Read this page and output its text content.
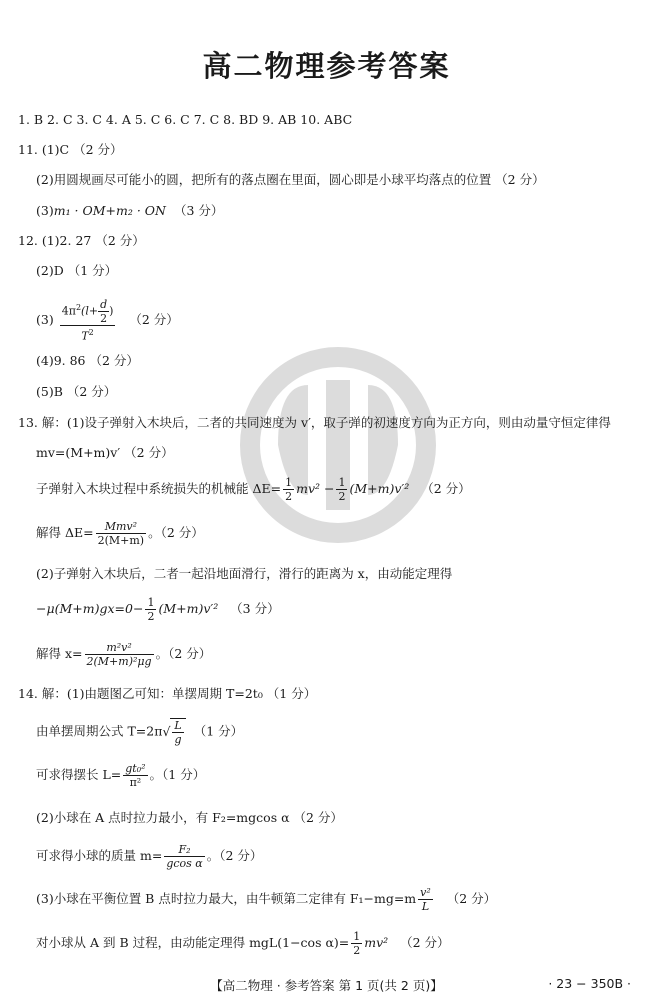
高二物理参考答案
1. B 2. C 3. C 4. A 5. C 6. C 7. C 8. BD 9. AB 10. ABC
11. (1)C （2 分）
(2)用圆规画尽可能小的圆，把所有的落点圈在里面，圆心即是小球平均落点的位置 （2 分）
(3)m₁ · OM+m₂ · ON （3 分）
12. (1)2. 27 （2 分）
(2)D （1 分）
$(3) \frac{4\pi^2(l+ \frac{d}{2} )}{T^2} (2$ 分）
(4)9. 86 （2 分）
(5)B （2 分）
13. 解：(1)设子弹射入木块后，二者的共同速度为 v′，取子弹的初速度方向为正方向，则由动量守恒定律得
mv=(M+m)v′ （2 分）
子弹射入木块过程中系统损失的机械能 $\Delta E= \frac{1}{2} mv^2 - \frac{1}{2} (M+m)v'^2$ （2 分）
解得 $\Delta E= \frac{\text{Mmv²}}{2(M+m)}$ 。（2 分）
(2)子弹射入木块后，二者一起沿地面滑行，滑行的距离为 x，由动能定理得
$-\mu(M+m)gx=0- \frac{1}{2} (M+m)v'^2$ （3 分）
解得 $x= \frac{\text{m²v²}}{\text{2(M+m)²μg}}$ 。（2 分）
14. 解：(1)由题图乙可知：单摆周期 T=2t₀ （1 分）
由单摆周期公式 $T=2\pi√ \frac{L}{g} (1$ 分）
可求得摆长 $L= \frac{\text{gt₀²}}{\text{π²}}$ 。（1 分）
(2)小球在 A 点时拉力最小，有 F₂=mgcos α （2 分）
可求得小球的质量 $m= \frac{\text{F₂}}{\text{gcos α}}$ 。（2 分）
(3)小球在平衡位置 B 点时拉力最大，由牛顿第二定律有 $F_1-mg=m \frac{\text{v²}}{L} (2$ 分）
对小球从 A 到 B 过程，由动能定理得 mgL(1−cos $\alpha)= \frac{1}{2} mv^2$ （2 分）
【高二物理 · 参考答案 第 1 页(共 2 页)】	· 23 − 350B ·
